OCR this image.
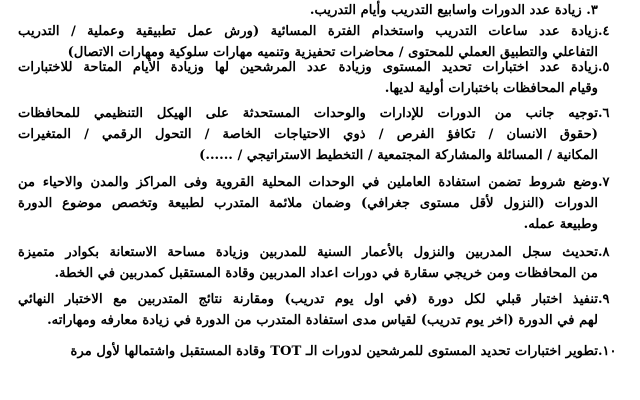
٣. زيادة عدد الدورات واسابيع التدريب وأيام التدريب.
.٤
زيادة عدد ساعات التدريب واستخدام الفترة المسائية (ورش عمل تطبيقية وعملية / التدريب
التفاعلي والتطبيق العملي للمحتوى / محاضرات تحفيزية وتنميه مهارات سلوكية ومهارات الاتصال)
.٥
زيادة عدد اختبارات تحديد المستوى وزيادة عدد المرشحين لها وزيادة الأيام المتاحة للاختبارات
وقيام المحافظات باختبارات أولية لديها.
.٦
توجيه جانب من الدورات للإدارات والوحدات المستحدثة على الهيكل التنظيمي للمحافظات
(حقوق الانسان / تكافؤ الفرص / ذوي الاحتياجات الخاصة / التحول الرقمي / المتغيرات
المكانية / المسائلة والمشاركة المجتمعية / التخطيط الاستراتيجي / ......)
.٧
وضع شروط تضمن استفادة العاملين في الوحدات المحلية القروية وفى المراكز والمدن والاحياء من
الدورات (النزول لأقل مستوى جغرافي) وضمان ملائمة المتدرب لطبيعة وتخصص موضوع الدورة
وطبيعة عمله.
.٨
تحديث سجل المدربين والنزول بالأعمار السنية للمدربين وزيادة مساحة الاستعانة بكوادر متميزة
من المحافظات ومن خريجي سقارة في دورات اعداد المدربين وقادة المستقبل كمدربين في الخطة.
.٩
تنفيذ اختبار قبلي لكل دورة (في اول يوم تدريب) ومقارنة نتائج المتدربين مع الاختبار النهائي
لهم في الدورة (اخر يوم تدريب) لقياس مدى استفادة المتدرب من الدورة في زيادة معارفه ومهاراته.
.١٠
تطوير اختبارات تحديد المستوى للمرشحين لدورات الـ TOT وقادة المستقبل واشتمالها لأول مرة
